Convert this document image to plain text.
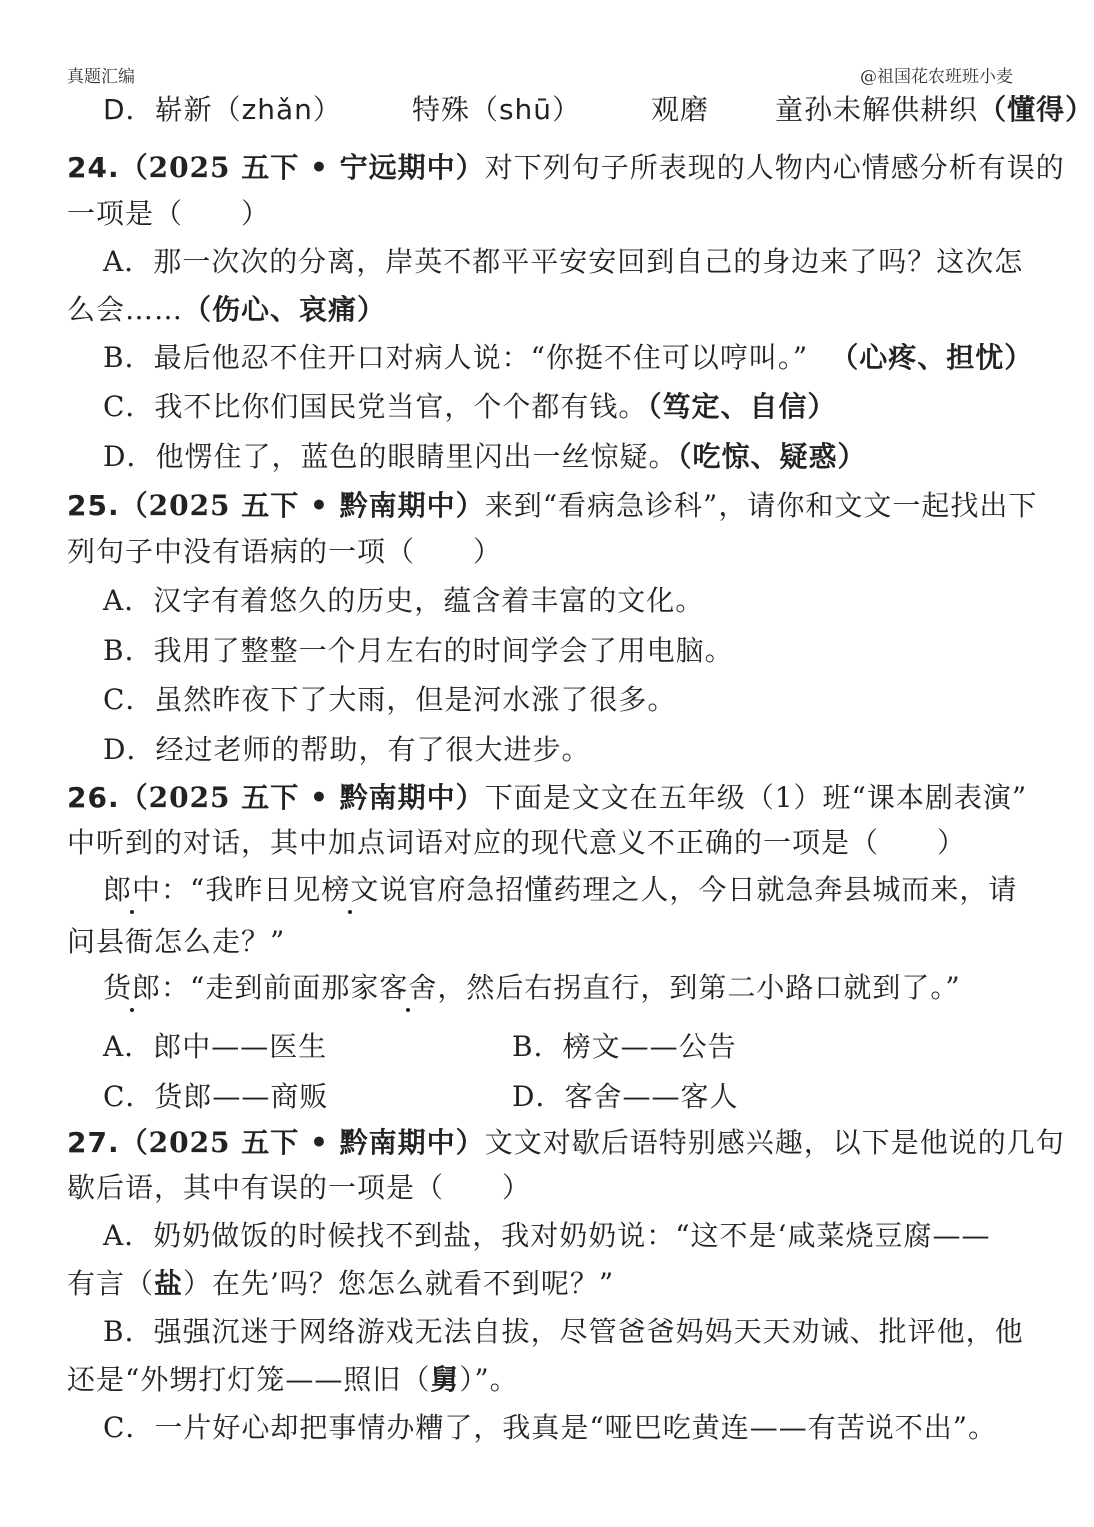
真题汇编	@祖国花农班班小麦
D．崭新（zhǎn）	特殊（shū）	观磨 童孙未解供耕织（懂得）
24.（2025 五下 • 宁远期中）对下列句子所表现的人物内心情感分析有误的
一项是（　　）
A．那一次次的分离，岸英不都平平安安回到自己的身边来了吗？这次怎
么会……（伤心、哀痛）
B．最后他忍不住开口对病人说：“你挺不住可以哼叫。” （心疼、担忧）
C．我不比你们国民党当官，个个都有钱。（笃定、自信）
D．他愣住了，蓝色的眼睛里闪出一丝惊疑。（吃惊、疑惑）
25.（2025 五下 • 黔南期中）来到“看病急诊科”，请你和文文一起找出下
列句子中没有语病的一项（　　）
A．汉字有着悠久的历史，蕴含着丰富的文化。
B．我用了整整一个月左右的时间学会了用电脑。
C．虽然昨夜下了大雨，但是河水涨了很多。
D．经过老师的帮助，有了很大进步。
26.（2025 五下 • 黔南期中）下面是文文在五年级（1）班“课本剧表演”
中听到的对话，其中加点词语对应的现代意义不正确的一项是（　　）
郎中：“我昨日见榜文说官府急招懂药理之人，今日就急奔县城而来，请
问县衙怎么走？”
货郎：“走到前面那家客舍，然后右拐直行，到第二小路口就到了。”
A．郎中——医生	B．榜文——公告
C．货郎——商贩	D．客舍——客人
27.（2025 五下 • 黔南期中）文文对歇后语特别感兴趣，以下是他说的几句
歇后语，其中有误的一项是（　　）
A．奶奶做饭的时候找不到盐，我对奶奶说：“这不是‘咸菜烧豆腐——
有言（盐）在先’吗？您怎么就看不到呢？”
B．强强沉迷于网络游戏无法自拔，尽管爸爸妈妈天天劝诫、批评他，他
还是“外甥打灯笼——照旧（舅）”。
C．一片好心却把事情办糟了，我真是“哑巴吃黄连——有苦说不出”。
